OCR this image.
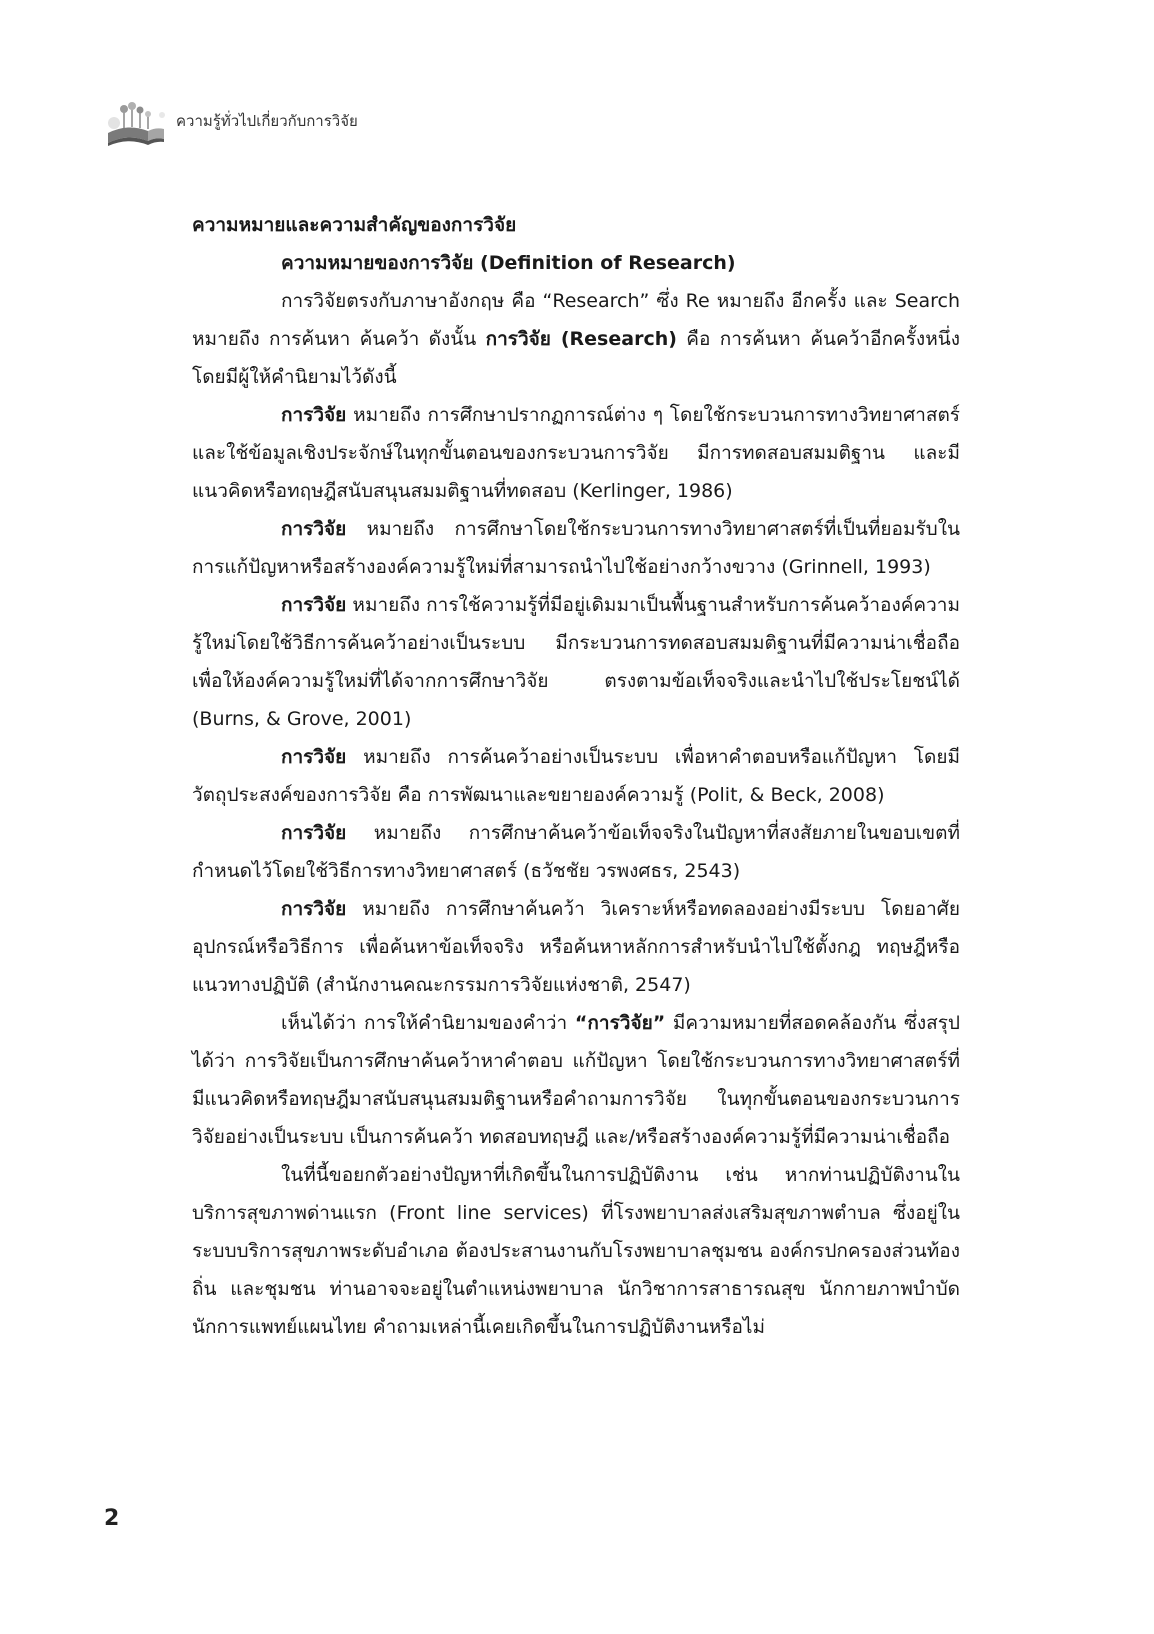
ความรู้ทั่วไปเกี่ยวกับการวิจัย

ความหมายและความสำคัญของการวิจัย

ความหมายของการวิจัย (Definition of Research)

การวิจัยตรงกับภาษาอังกฤษ คือ “Research” ซึ่ง Re หมายถึง อีกครั้ง และ Search หมายถึง การค้นหา ค้นคว้า ดังนั้น การวิจัย (Research) คือ การค้นหา ค้นคว้าอีกครั้งหนึ่ง โดยมีผู้ให้คำนิยามไว้ดังนี้

การวิจัย หมายถึง การศึกษาปรากฏการณ์ต่าง ๆ โดยใช้กระบวนการทางวิทยาศาสตร์ และใช้ข้อมูลเชิงประจักษ์ในทุกขั้นตอนของกระบวนการวิจัย มีการทดสอบสมมติฐาน และมีแนวคิดหรือทฤษฎีสนับสนุนสมมติฐานที่ทดสอบ (Kerlinger, 1986)

การวิจัย หมายถึง การศึกษาโดยใช้กระบวนการทางวิทยาศาสตร์ที่เป็นที่ยอมรับในการแก้ปัญหาหรือสร้างองค์ความรู้ใหม่ที่สามารถนำไปใช้อย่างกว้างขวาง (Grinnell, 1993)

การวิจัย หมายถึง การใช้ความรู้ที่มีอยู่เดิมมาเป็นพื้นฐานสำหรับการค้นคว้าองค์ความรู้ใหม่โดยใช้วิธีการค้นคว้าอย่างเป็นระบบ มีกระบวนการทดสอบสมมติฐานที่มีความน่าเชื่อถือ เพื่อให้องค์ความรู้ใหม่ที่ได้จากการศึกษาวิจัย ตรงตามข้อเท็จจริงและนำไปใช้ประโยชน์ได้ (Burns, & Grove, 2001)

การวิจัย หมายถึง การค้นคว้าอย่างเป็นระบบ เพื่อหาคำตอบหรือแก้ปัญหา โดยมีวัตถุประสงค์ของการวิจัย คือ การพัฒนาและขยายองค์ความรู้ (Polit, & Beck, 2008)

การวิจัย หมายถึง การศึกษาค้นคว้าข้อเท็จจริงในปัญหาที่สงสัยภายในขอบเขตที่กำหนดไว้โดยใช้วิธีการทางวิทยาศาสตร์ (ธวัชชัย วรพงศธร, 2543)

การวิจัย หมายถึง การศึกษาค้นคว้า วิเคราะห์หรือทดลองอย่างมีระบบ โดยอาศัยอุปกรณ์หรือวิธีการ เพื่อค้นหาข้อเท็จจริง หรือค้นหาหลักการสำหรับนำไปใช้ตั้งกฎ ทฤษฎีหรือแนวทางปฏิบัติ (สำนักงานคณะกรรมการวิจัยแห่งชาติ, 2547)

เห็นได้ว่า การให้คำนิยามของคำว่า “การวิจัย” มีความหมายที่สอดคล้องกัน ซึ่งสรุปได้ว่า การวิจัยเป็นการศึกษาค้นคว้าหาคำตอบ แก้ปัญหา โดยใช้กระบวนการทางวิทยาศาสตร์ที่มีแนวคิดหรือทฤษฎีมาสนับสนุนสมมติฐานหรือคำถามการวิจัย ในทุกขั้นตอนของกระบวนการวิจัยอย่างเป็นระบบ เป็นการค้นคว้า ทดสอบทฤษฎี และ/หรือสร้างองค์ความรู้ที่มีความน่าเชื่อถือ

ในที่นี้ขอยกตัวอย่างปัญหาที่เกิดขึ้นในการปฏิบัติงาน เช่น หากท่านปฏิบัติงานในบริการสุขภาพด่านแรก (Front line services) ที่โรงพยาบาลส่งเสริมสุขภาพตำบล ซึ่งอยู่ในระบบบริการสุขภาพระดับอำเภอ ต้องประสานงานกับโรงพยาบาลชุมชน องค์กรปกครองส่วนท้องถิ่น และชุมชน ท่านอาจจะอยู่ในตำแหน่งพยาบาล นักวิชาการสาธารณสุข นักกายภาพบำบัด นักการแพทย์แผนไทย คำถามเหล่านี้เคยเกิดขึ้นในการปฏิบัติงานหรือไม่

2
